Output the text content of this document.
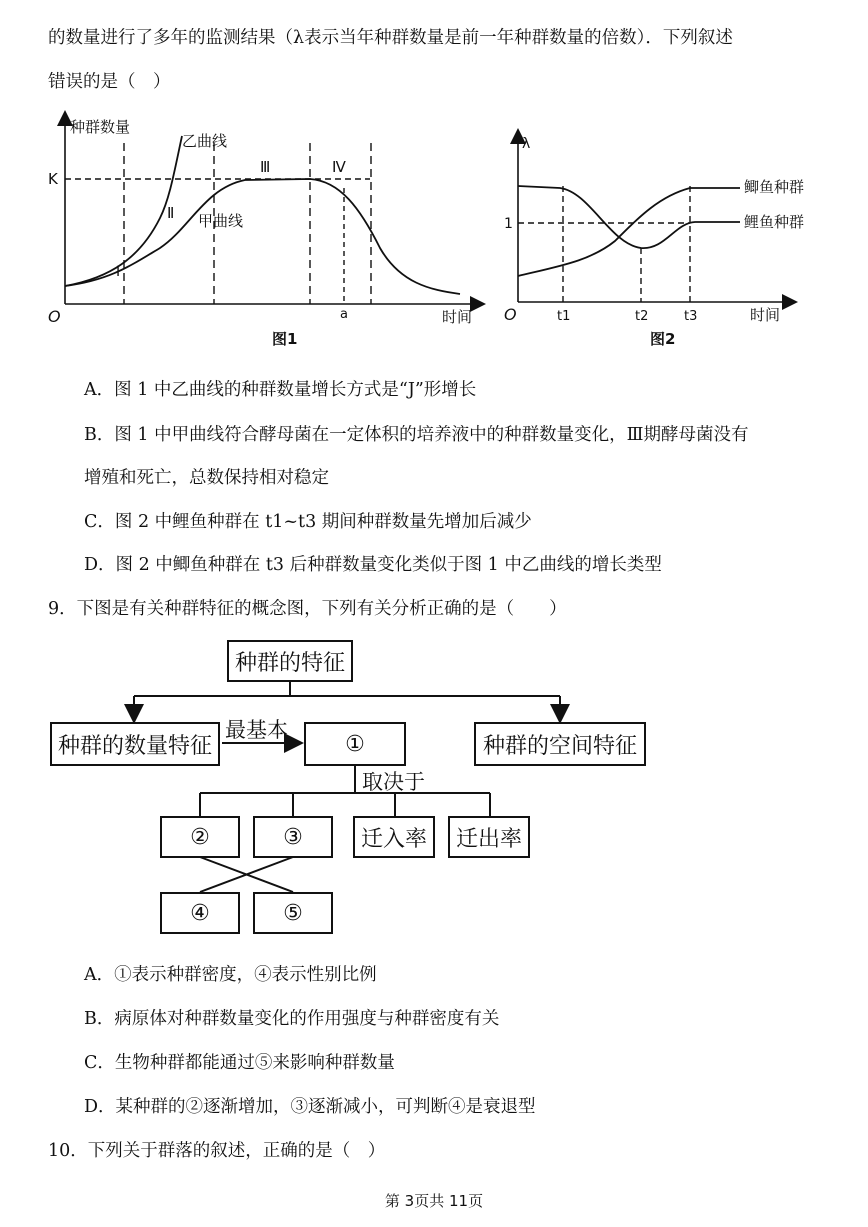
的数量进行了多年的监测结果（λ表示当年种群数量是前一年种群数量的倍数）．下列叙述
错误的是（　）
种群数量
K
O	时间
乙曲线
甲曲线
Ⅰ
Ⅱ
Ⅲ	Ⅳ
a
图1
λ
1
O	时间
t1	t2	t3
鲫鱼种群
鲤鱼种群
图2
A．图 1 中乙曲线的种群数量增长方式是“J”形增长
B．图 1 中甲曲线符合酵母菌在一定体积的培养液中的种群数量变化，Ⅲ期酵母菌没有
增殖和死亡，总数保持相对稳定
C．图 2 中鲤鱼种群在 t1~t3 期间种群数量先增加后减少
D．图 2 中鲫鱼种群在 t3 后种群数量变化类似于图 1 中乙曲线的增长类型
9．下图是有关种群特征的概念图，下列有关分析正确的是（　　）
种群的特征
种群的数量特征
最基本
①	种群的空间特征
取决于
②	③	迁入率	迁出率
④	⑤
A．①表示种群密度，④表示性别比例
B．病原体对种群数量变化的作用强度与种群密度有关
C．生物种群都能通过⑤来影响种群数量
D．某种群的②逐渐增加，③逐渐减小，可判断④是衰退型
10．下列关于群落的叙述，正确的是（　）
第 3页共 11页
